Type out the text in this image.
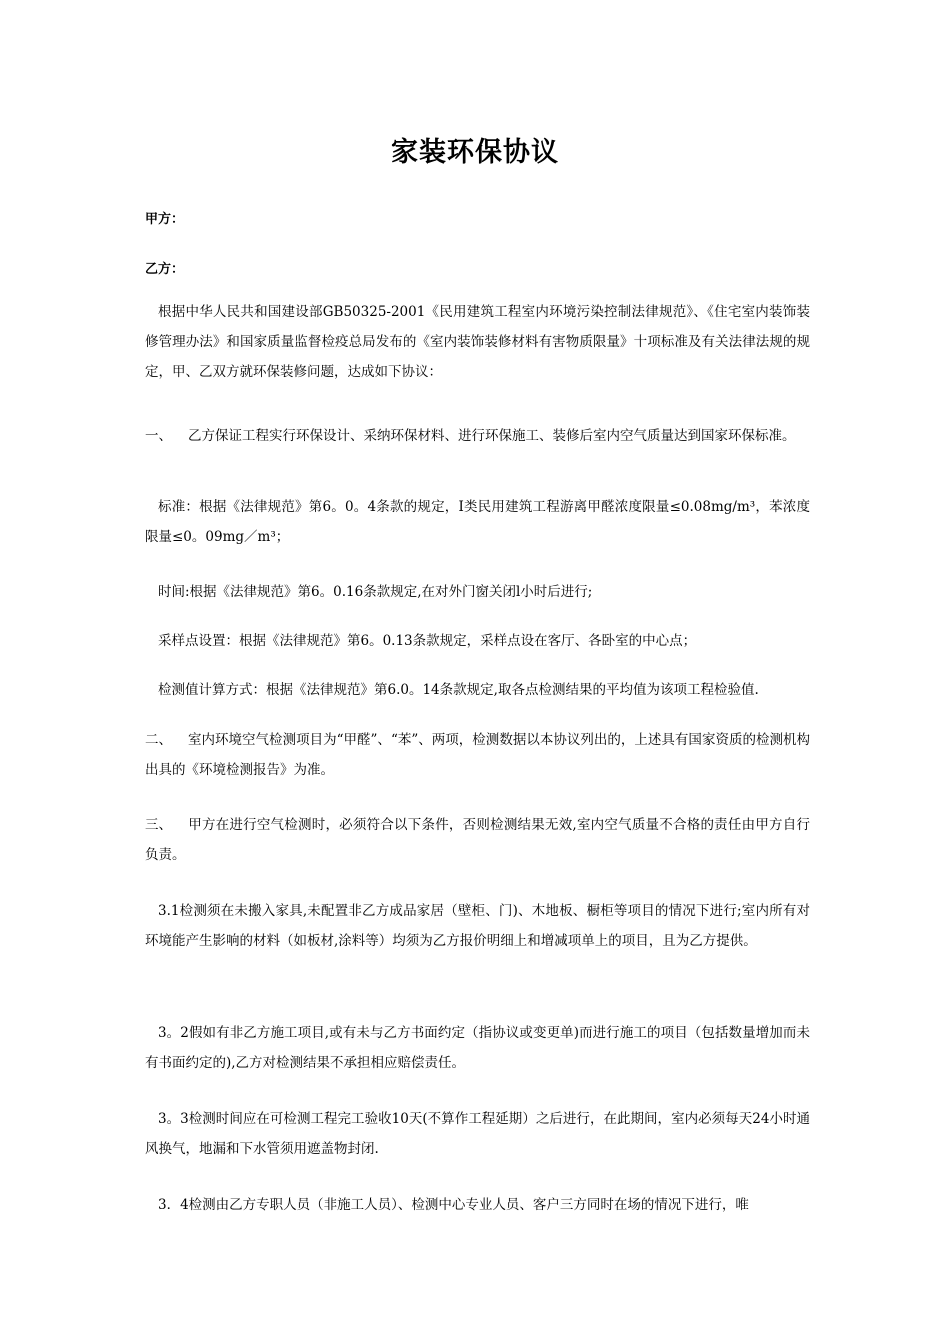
家装环保协议
甲方：
乙方：
根据中华人民共和国建设部GB50325-2001《民用建筑工程室内环境污染控制法律规范》、《住宅室内装饰装修管理办法》和国家质量监督检疫总局发布的《室内装饰装修材料有害物质限量》十项标准及有关法律法规的规定，甲、乙双方就环保装修问题，达成如下协议：
一、 乙方保证工程实行环保设计、采纳环保材料、进行环保施工、装修后室内空气质量达到国家环保标准。
标准：根据《法律规范》第6。0。4条款的规定，Ⅰ类民用建筑工程游离甲醛浓度限量≤0.08mg/m³，苯浓度限量≤0。09mg／m³；
时间:根据《法律规范》第6。0.16条款规定,在对外门窗关闭l小时后进行;
采样点设置：根据《法律规范》第6。0.13条款规定，采样点设在客厅、各卧室的中心点；
检测值计算方式：根据《法律规范》第6.0。14条款规定,取各点检测结果的平均值为该项工程检验值.
二、 室内环境空气检测项目为“甲醛”、“苯”、两项，检测数据以本协议列出的，上述具有国家资质的检测机构出具的《环境检测报告》为准。
三、 甲方在进行空气检测时，必须符合以下条件，否则检测结果无效,室内空气质量不合格的责任由甲方自行负责。
3.1检测须在未搬入家具,未配置非乙方成品家居（壁柜、门)、木地板、橱柜等项目的情况下进行;室内所有对环境能产生影响的材料（如板材,涂料等）均须为乙方报价明细上和增减项单上的项目，且为乙方提供。
3。2假如有非乙方施工项目,或有未与乙方书面约定（指协议或变更单)而进行施工的项目（包括数量增加而未有书面约定的),乙方对检测结果不承担相应赔偿责任。
3。3检测时间应在可检测工程完工验收10天(不算作工程延期）之后进行，在此期间，室内必须每天24小时通风换气，地漏和下水管须用遮盖物封闭.
3．4检测由乙方专职人员（非施工人员）、检测中心专业人员、客户三方同时在场的情况下进行，唯
